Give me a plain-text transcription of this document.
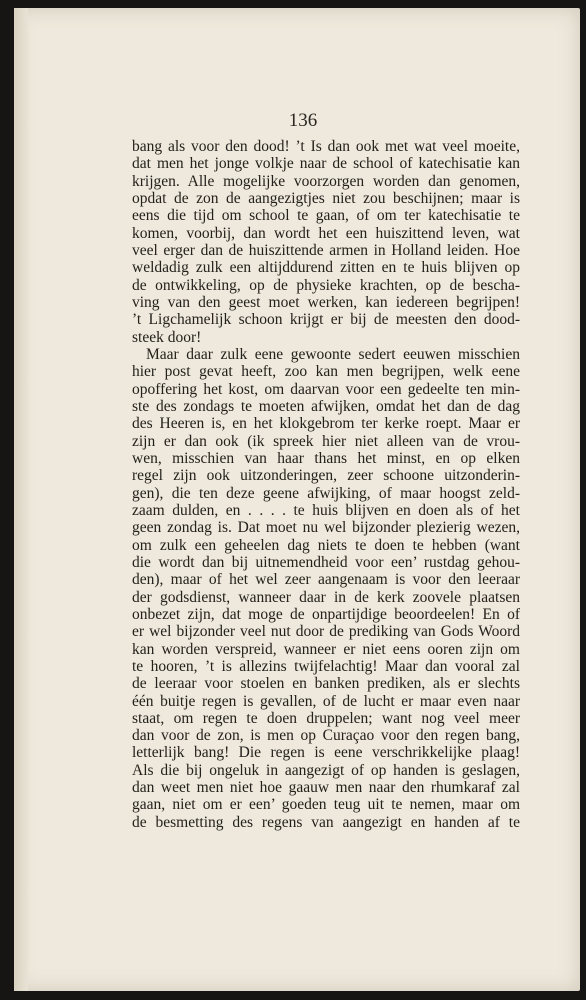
136
bang als voor den dood! ’t Is dan ook met wat veel moeite,
dat men het jonge volkje naar de school of katechisatie kan
krijgen. Alle mogelijke voorzorgen worden dan genomen,
opdat de zon de aangezigtjes niet zou beschijnen; maar is
eens die tijd om school te gaan, of om ter katechisatie te
komen, voorbij, dan wordt het een huiszittend leven, wat
veel erger dan de huiszittende armen in Holland leiden. Hoe
weldadig zulk een altijddurend zitten en te huis blijven op
de ontwikkeling, op de physieke krachten, op de bescha-
ving van den geest moet werken, kan iedereen begrijpen!
’t Ligchamelijk schoon krijgt er bij de meesten den dood-
steek door!
Maar daar zulk eene gewoonte sedert eeuwen misschien
hier post gevat heeft, zoo kan men begrijpen, welk eene
opoffering het kost, om daarvan voor een gedeelte ten min-
ste des zondags te moeten afwijken, omdat het dan de dag
des Heeren is, en het klokgebrom ter kerke roept. Maar er
zijn er dan ook (ik spreek hier niet alleen van de vrou-
wen, misschien van haar thans het minst, en op elken
regel zijn ook uitzonderingen, zeer schoone uitzonderin-
gen), die ten deze geene afwijking, of maar hoogst zeld-
zaam dulden, en . . . . te huis blijven en doen als of het
geen zondag is. Dat moet nu wel bijzonder plezierig wezen,
om zulk een geheelen dag niets te doen te hebben (want
die wordt dan bij uitnemendheid voor een’ rustdag gehou-
den), maar of het wel zeer aangenaam is voor den leeraar
der godsdienst, wanneer daar in de kerk zoovele plaatsen
onbezet zijn, dat moge de onpartijdige beoordeelen! En of
er wel bijzonder veel nut door de prediking van Gods Woord
kan worden verspreid, wanneer er niet eens ooren zijn om
te hooren, ’t is allezins twijfelachtig! Maar dan vooral zal
de leeraar voor stoelen en banken prediken, als er slechts
één buitje regen is gevallen, of de lucht er maar even naar
staat, om regen te doen druppelen; want nog veel meer
dan voor de zon, is men op Curaçao voor den regen bang,
letterlijk bang! Die regen is eene verschrikkelijke plaag!
Als die bij ongeluk in aangezigt of op handen is geslagen,
dan weet men niet hoe gaauw men naar den rhumkaraf zal
gaan, niet om er een’ goeden teug uit te nemen, maar om
de besmetting des regens van aangezigt en handen af te
